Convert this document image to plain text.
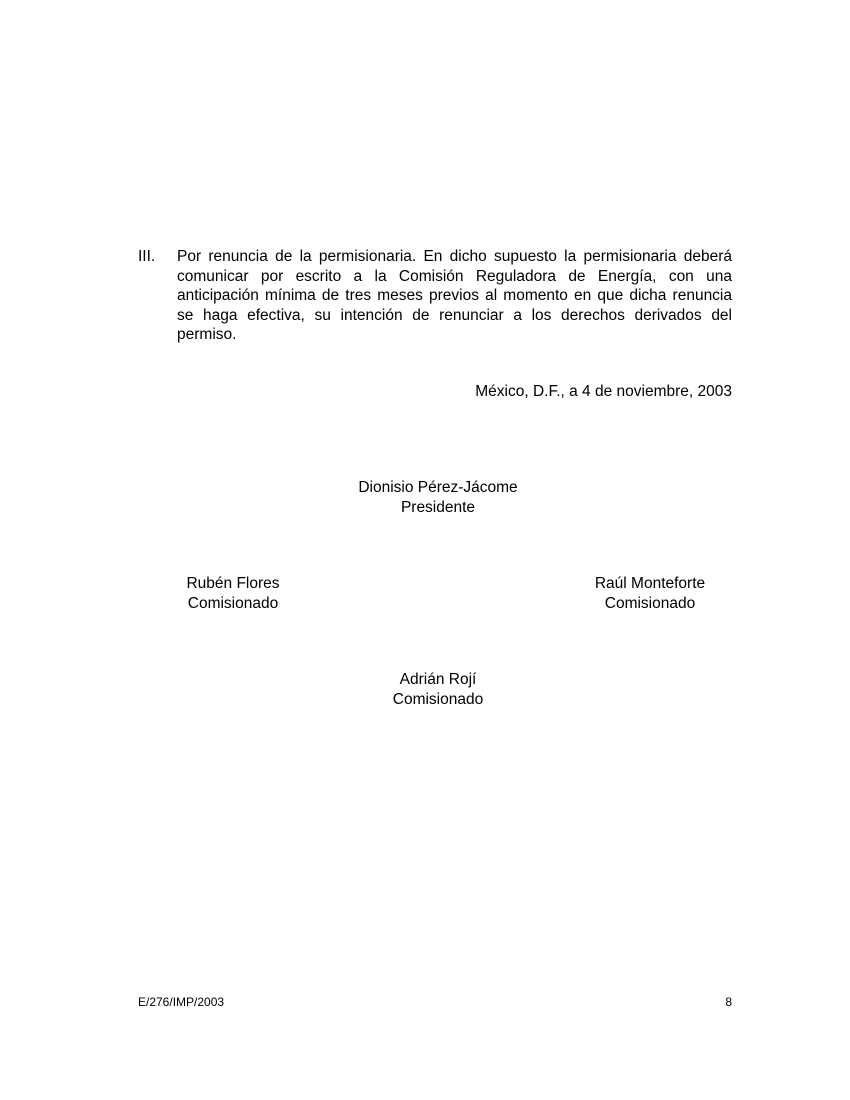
III. Por renuncia de la permisionaria. En dicho supuesto la permisionaria deberá comunicar por escrito a la Comisión Reguladora de Energía, con una anticipación mínima de tres meses previos al momento en que dicha renuncia se haga efectiva, su intención de renunciar a los derechos derivados del permiso.
México, D.F., a 4 de noviembre, 2003
Dionisio Pérez-Jácome
Presidente
Rubén Flores
Comisionado
Raúl Monteforte
Comisionado
Adrián Rojí
Comisionado
E/276/IMP/2003	8
